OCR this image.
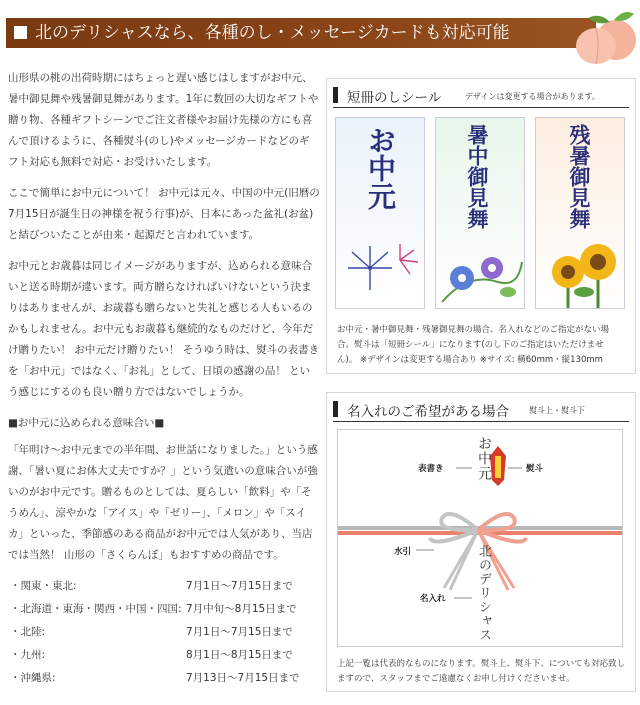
北のデリシャスなら、各種のし・メッセージカードも対応可能

山形県の桃の出荷時期にはちょっと遅い感じはしますがお中元、暑中御見舞や残暑御見舞があります。1年に数回の大切なギフトや贈り物、各種ギフトシーンでご注文者様やお届け先様の方にも喜んで頂けるように、各種熨斗(のし)やメッセージカードなどのギフト対応も無料で対応・お受けいたします。

ここで簡単にお中元について！ お中元は元々、中国の中元(旧暦の7月15日が誕生日の神様を祝う行事)が、日本にあった盆礼(お盆)と結びついたことが由来・起源だと言われています。

お中元とお歳暮は同じイメージがありますが、込められる意味合いと送る時期が違います。両方贈らなければいけないという決まりはありませんが、お歳暮も贈らないと失礼と感じる人もいるのかもしれません。お中元もお歳暮も継続的なものだけど、今年だけ贈りたい！ お中元だけ贈りたい！ そうゆう時は、熨斗の表書きを「お中元」ではなく、「お礼」として、日頃の感謝の品！ という感じにするのも良い贈り方ではないでしょうか。

■お中元に込められる意味合い■

「年明け～お中元までの半年間、お世話になりました。」という感謝、「暑い夏にお体大丈夫ですか？」という気遣いの意味合いが強いのがお中元です。贈るものとしては、夏らしい「飲料」や「そうめん」、涼やかな「アイス」や「ゼリー」、「メロン」や「スイカ」といった、季節感のある商品がお中元では人気があり、当店では当然！ 山形の「さくらんぼ」もおすすめの商品です。

・関東・東北:	7月1日～7月15日まで
・北海道・東海・関西・中国・四国: 7月中旬～8月15日まで
・北陸:	7月1日～7月15日まで
・九州:	8月1日～8月15日まで
・沖縄県:	7月13日～7月15日まで
短冊のしシール	デザインは変更する場合があります。
お中元	暑中御見舞	残暑御見舞
お中元・暑中御見舞・残暑御見舞の場合、名入れなどのご指定がない場
合、熨斗は「短冊シール」になります(のし下のご指定はいただけませ
ん)。 ※デザインは変更する場合あり ※サイズ: 横60mm・縦130mm
名入れのご希望がある場合	熨斗上・熨斗下
表書き	熨斗
水引
名入れ
お中元
北のデリシャス
上記一覧は代表的なものになります。熨斗上、熨斗下、についても対応致し
ますので、スタッフまでご遠慮なくお申し付けくださいませ。
